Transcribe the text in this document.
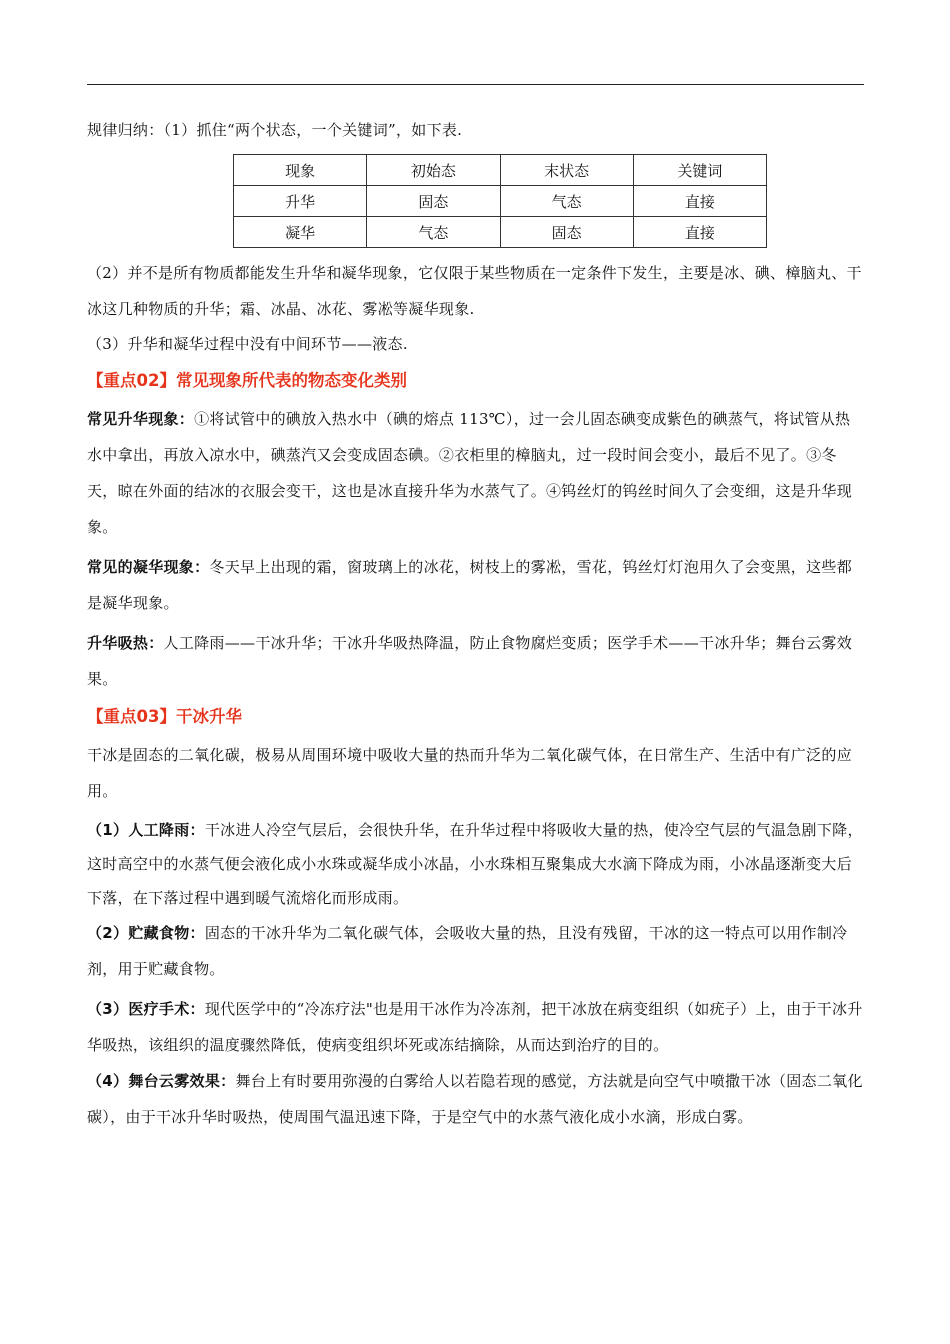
规律归纳：（1）抓住“两个状态，一个关键词”，如下表.

现象	初始态	末状态	关键词
升华	固态	气态	直接
凝华	气态	固态	直接

（2）并不是所有物质都能发生升华和凝华现象，它仅限于某些物质在一定条件下发生，主要是冰、碘、樟脑丸、干冰这几种物质的升华；霜、冰晶、冰花、雾凇等凝华现象.

（3）升华和凝华过程中没有中间环节——液态.

【重点02】常见现象所代表的物态变化类别

常见升华现象：①将试管中的碘放入热水中（碘的熔点 113℃），过一会儿固态碘变成紫色的碘蒸气，将试管从热水中拿出，再放入凉水中，碘蒸汽又会变成固态碘。②衣柜里的樟脑丸，过一段时间会变小，最后不见了。③冬天，晾在外面的结冰的衣服会变干，这也是冰直接升华为水蒸气了。④钨丝灯的钨丝时间久了会变细，这是升华现象。

常见的凝华现象：冬天早上出现的霜，窗玻璃上的冰花，树枝上的雾凇，雪花，钨丝灯灯泡用久了会变黑，这些都是凝华现象。

升华吸热：人工降雨——干冰升华；干冰升华吸热降温，防止食物腐烂变质；医学手术——干冰升华；舞台云雾效果。

【重点03】干冰升华

干冰是固态的二氧化碳，极易从周围环境中吸收大量的热而升华为二氧化碳气体，在日常生产、生活中有广泛的应用。

（1）人工降雨：干冰进人冷空气层后，会很快升华，在升华过程中将吸收大量的热，使冷空气层的气温急剧下降，这时高空中的水蒸气便会液化成小水珠或凝华成小冰晶，小水珠相互聚集成大水滴下降成为雨，小冰晶逐渐变大后下落，在下落过程中遇到暖气流熔化而形成雨。

（2）贮藏食物：固态的干冰升华为二氧化碳气体，会吸收大量的热，且没有残留，干冰的这一特点可以用作制冷剂，用于贮藏食物。

（3）医疗手术：现代医学中的“冷冻疗法"也是用干冰作为冷冻剂，把干冰放在病变组织（如疣子）上，由于干冰升华吸热，该组织的温度骤然降低，使病变组织坏死或冻结摘除，从而达到治疗的目的。

（4）舞台云雾效果：舞台上有时要用弥漫的白雾给人以若隐若现的感觉，方法就是向空气中喷撒干冰（固态二氧化碳），由于干冰升华时吸热，使周围气温迅速下降，于是空气中的水蒸气液化成小水滴，形成白雾。
